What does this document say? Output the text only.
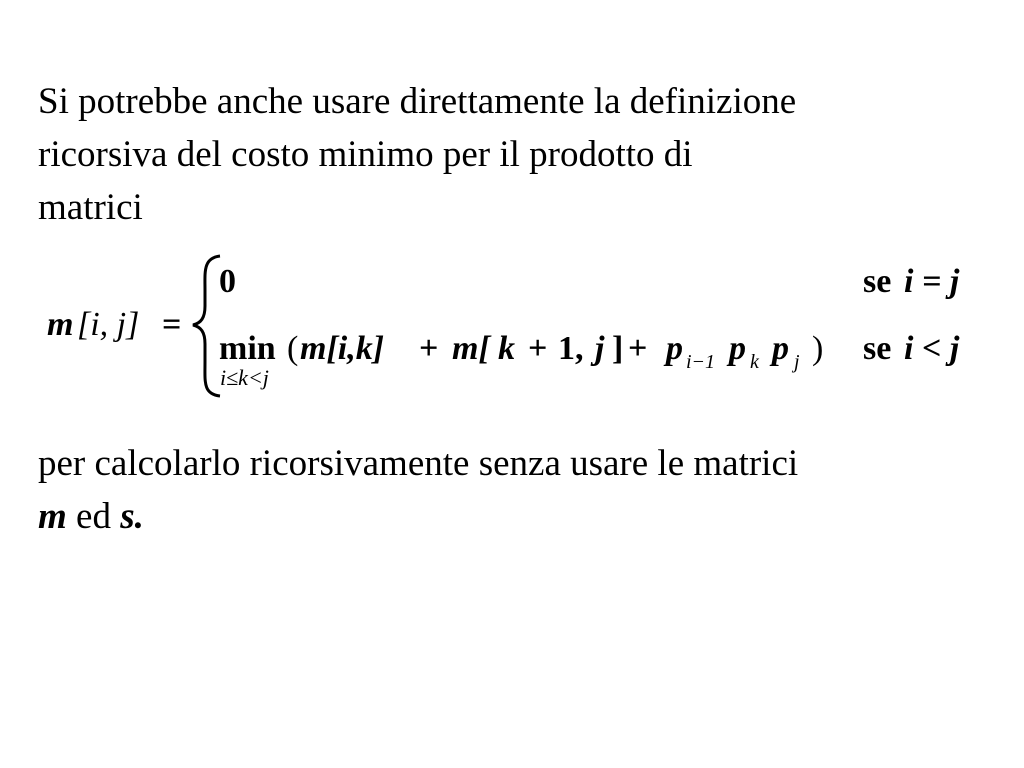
Si potrebbe anche usare direttamente la definizione
ricorsiva del costo minimo per il prodotto di
matrici
m [i, j] =
0	se i = j
min
i≤k<j
( m[i,k] + m[ k + 1, j ] + p i−1 p k p j ) se i < j
per calcolarlo ricorsivamente senza usare le matrici
m ed s.
